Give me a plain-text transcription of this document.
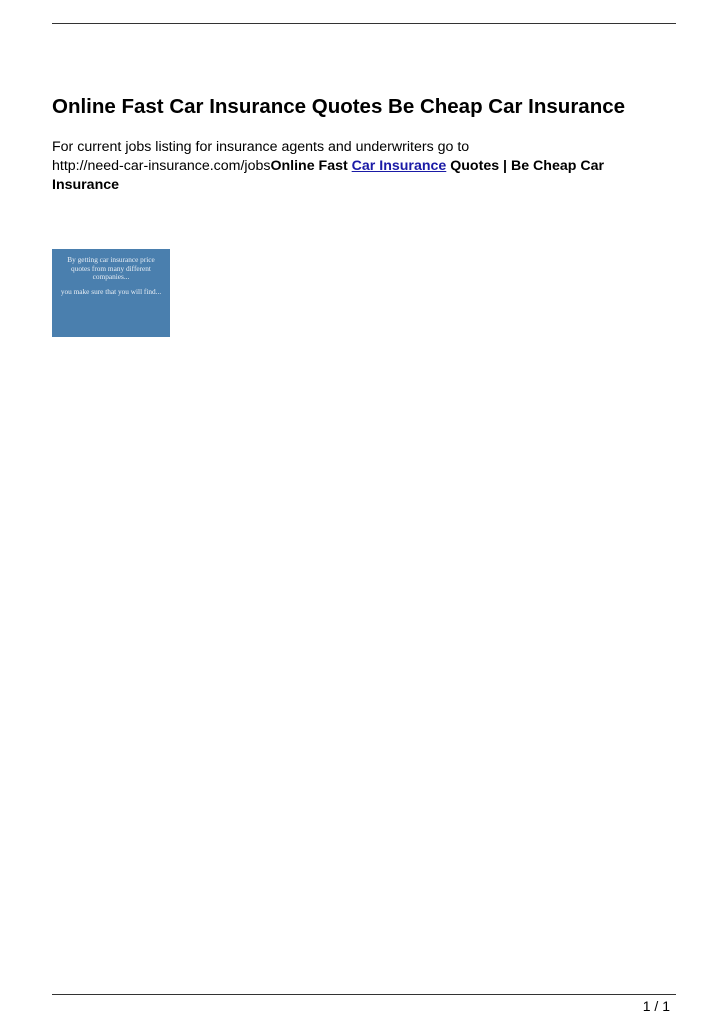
Online Fast Car Insurance Quotes Be Cheap Car Insurance
For current jobs listing for insurance agents and underwriters go to
http://need-car-insurance.com/jobsOnline Fast Car Insurance Quotes | Be Cheap Car
Insurance
By getting car insurance price quotes from many different companies...
you make sure that you will find...
1 / 1
